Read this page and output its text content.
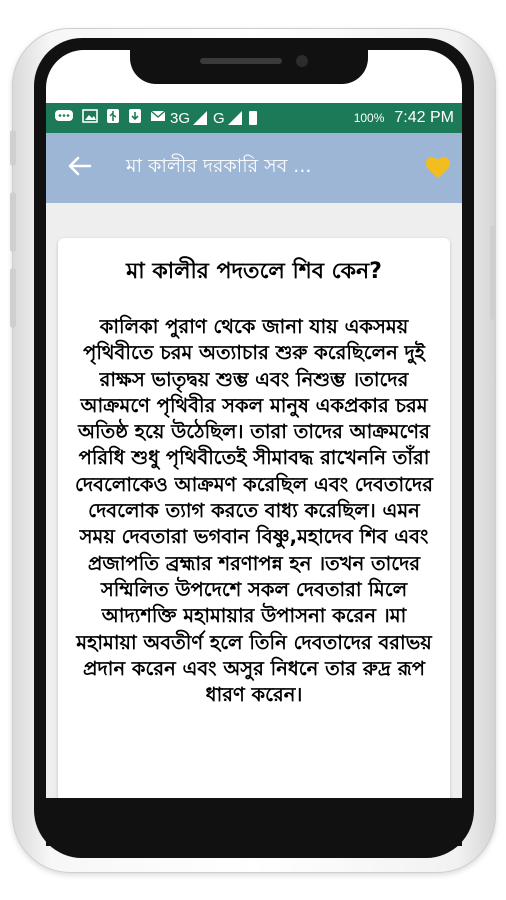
3G G	100% 7:42 PM
মা কালীর দরকারি সব ...
মা কালীর পদতলে শিব কেন?
কালিকা পুরাণ থেকে জানা যায় একসময় পৃথিবীতে চরম অত্যাচার শুরু করেছিলেন দুই রাক্ষস ভাতৃদ্বয় শুম্ভ এবং নিশুম্ভ ।তাদের আক্রমণে পৃথিবীর সকল মানুষ একপ্রকার চরম অতিষ্ঠ হয়ে উঠেছিল। তারা তাদের আক্রমণের পরিধি শুধু পৃথিবীতেই সীমাবদ্ধ রাখেননি তাঁরা দেবলোকেও আক্রমণ করেছিল এবং দেবতাদের দেবলোক ত্যাগ করতে বাধ্য করেছিল। এমন সময় দেবতারা ভগবান বিষ্ণু,মহাদেব শিব এবং প্রজাপতি ব্রহ্মার শরণাপন্ন হন ।তখন তাদের সম্মিলিত উপদেশে সকল দেবতারা মিলে আদ্যশক্তি মহামায়ার উপাসনা করেন ।মা মহামায়া অবতীর্ণ হলে তিনি দেবতাদের বরাভয় প্রদান করেন এবং অসুর নিধনে তার রুদ্র রূপ ধারণ করেন।
